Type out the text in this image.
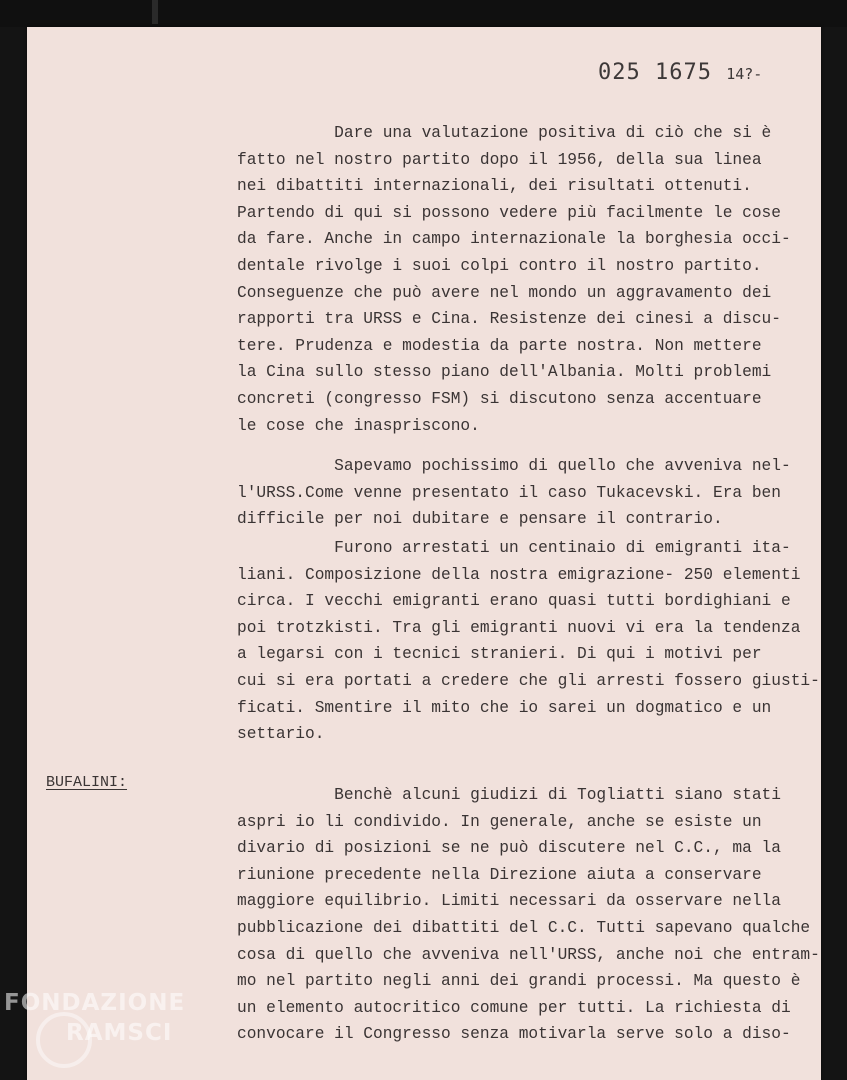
025 1675 14?-
Dare una valutazione positiva di ciò che si è
fatto nel nostro partito dopo il 1956, della sua linea
nei dibattiti internazionali, dei risultati ottenuti.
Partendo di qui si possono vedere più facilmente le cose
da fare. Anche in campo internazionale la borghesia occi-
dentale rivolge i suoi colpi contro il nostro partito.
Conseguenze che può avere nel mondo un aggravamento dei
rapporti tra URSS e Cina. Resistenze dei cinesi a discu-
tere. Prudenza e modestia da parte nostra. Non mettere
la Cina sullo stesso piano dell'Albania. Molti problemi
concreti (congresso FSM) si discutono senza accentuare
le cose che inaspriscono.
Sapevamo pochissimo di quello che avveniva nel-
l'URSS.Come venne presentato il caso Tukacevski. Era ben
difficile per noi dubitare e pensare il contrario.
Furono arrestati un centinaio di emigranti ita-
liani. Composizione della nostra emigrazione- 250 elementi
circa. I vecchi emigranti erano quasi tutti bordighiani e
poi trotzkisti. Tra gli emigranti nuovi vi era la tendenza
a legarsi con i tecnici stranieri. Di qui i motivi per
cui si era portati a credere che gli arresti fossero giusti-
ficati. Smentire il mito che io sarei un dogmatico e un
settario.
BUFALINI:
Benchè alcuni giudizi di Togliatti siano stati
aspri io li condivido. In generale, anche se esiste un
divario di posizioni se ne può discutere nel C.C., ma la
riunione precedente nella Direzione aiuta a conservare
maggiore equilibrio. Limiti necessari da osservare nella
pubblicazione dei dibattiti del C.C. Tutti sapevano qualche
cosa di quello che avveniva nell'URSS, anche noi che entram-
mo nel partito negli anni dei grandi processi. Ma questo è
un elemento autocritico comune per tutti. La richiesta di
convocare il Congresso senza motivarla serve solo a diso-
FONDAZIONE
RAMSCI
